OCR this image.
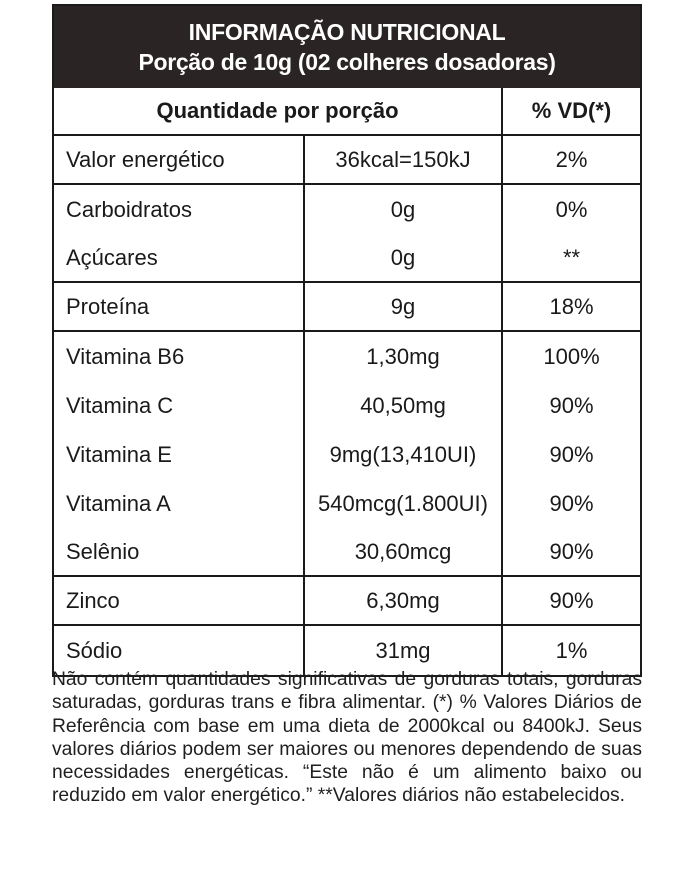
INFORMAÇÃO NUTRICIONAL
Porção de 10g (02 colheres dosadoras)
Quantidade por porção	% VD(*)
Valor energético	36kcal=150kJ	2%
Carboidratos	0g	0%
Açúcares	0g	**
Proteína	9g	18%
Vitamina B6	1,30mg	100%
Vitamina C	40,50mg	90%
Vitamina E	9mg(13,410UI)	90%
Vitamina A	540mcg(1.800UI)	90%
Selênio	30,60mcg	90%
Zinco	6,30mg	90%
Sódio	31mg	1%
Não contém quantidades significativas de gorduras totais, gorduras saturadas, gorduras trans e fibra alimentar. (*) % Valores Diários de Referência com base em uma dieta de 2000kcal ou 8400kJ. Seus valores diários podem ser maiores ou menores dependendo de suas necessidades energéticas. “Este não é um alimento baixo ou reduzido em valor energético.” **Valores diários não estabelecidos.
